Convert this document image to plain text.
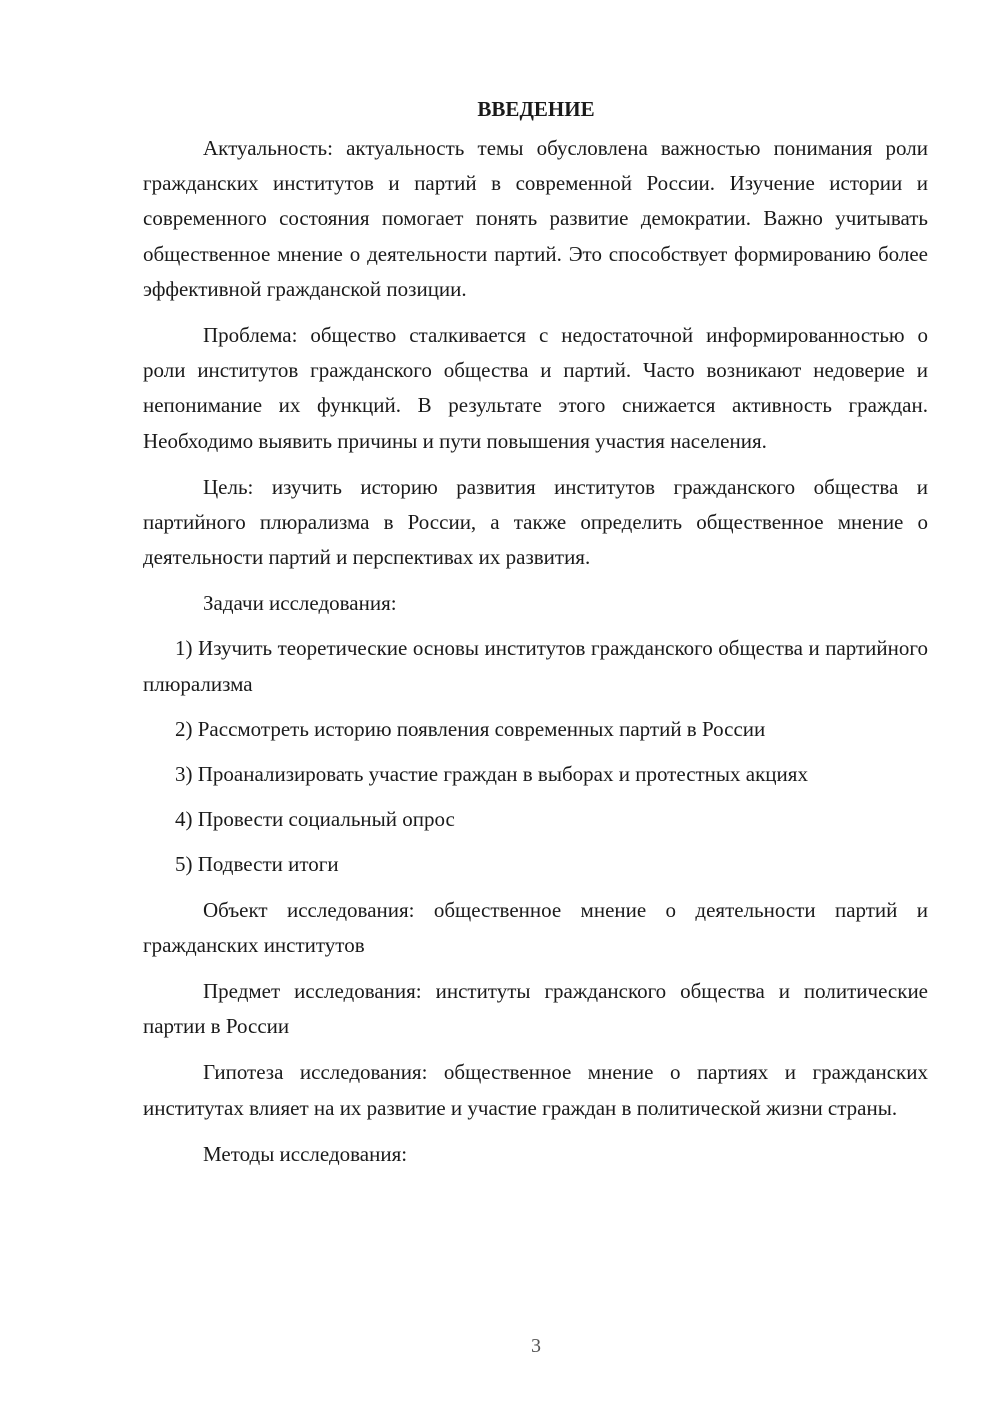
ВВЕДЕНИЕ

Актуальность: актуальность темы обусловлена важностью понимания роли гражданских институтов и партий в современной России. Изучение истории и современного состояния помогает понять развитие демократии. Важно учитывать общественное мнение о деятельности партий. Это способствует формированию более эффективной гражданской позиции.

Проблема: общество сталкивается с недостаточной информированностью о роли институтов гражданского общества и партий. Часто возникают недоверие и непонимание их функций. В результате этого снижается активность граждан. Необходимо выявить причины и пути повышения участия населения.

Цель: изучить историю развития институтов гражданского общества и партийного плюрализма в России, а также определить общественное мнение о деятельности партий и перспективах их развития.

Задачи исследования:

1) Изучить теоретические основы институтов гражданского общества и партийного плюрализма

2) Рассмотреть историю появления современных партий в России

3) Проанализировать участие граждан в выборах и протестных акциях

4) Провести социальный опрос

5) Подвести итоги

Объект исследования: общественное мнение о деятельности партий и гражданских институтов

Предмет исследования: институты гражданского общества и политические партии в России

Гипотеза исследования: общественное мнение о партиях и гражданских институтах влияет на их развитие и участие граждан в политической жизни страны.

Методы исследования:

3
